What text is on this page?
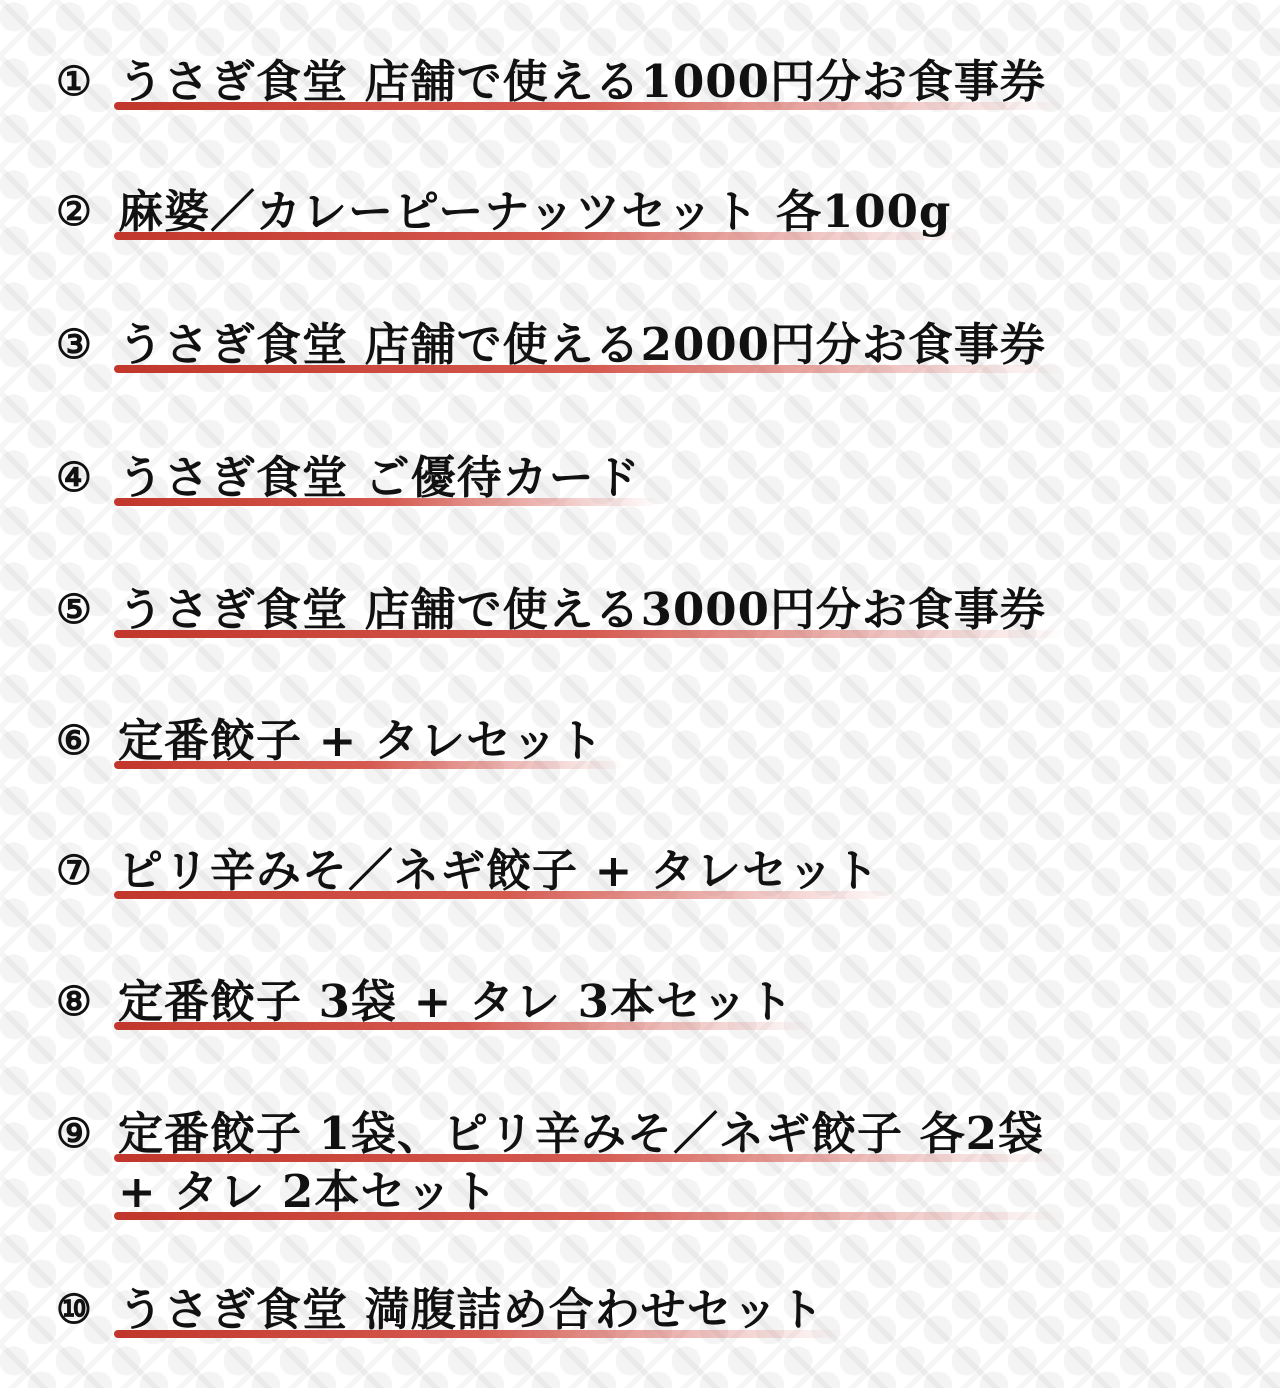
① うさぎ食堂 店舗で使える1000円分お食事券
② 麻婆／カレーピーナッツセット 各100g
③ うさぎ食堂 店舗で使える2000円分お食事券
④ うさぎ食堂 ご優待カード
⑤ うさぎ食堂 店舗で使える3000円分お食事券
⑥ 定番餃子 + タレセット
⑦ ピリ辛みそ／ネギ餃子 + タレセット
⑧ 定番餃子 3袋 + タレ 3本セット
⑨ 定番餃子 1袋、ピリ辛みそ／ネギ餃子 各2袋
+ タレ 2本セット
⑩ うさぎ食堂 満腹詰め合わせセット
